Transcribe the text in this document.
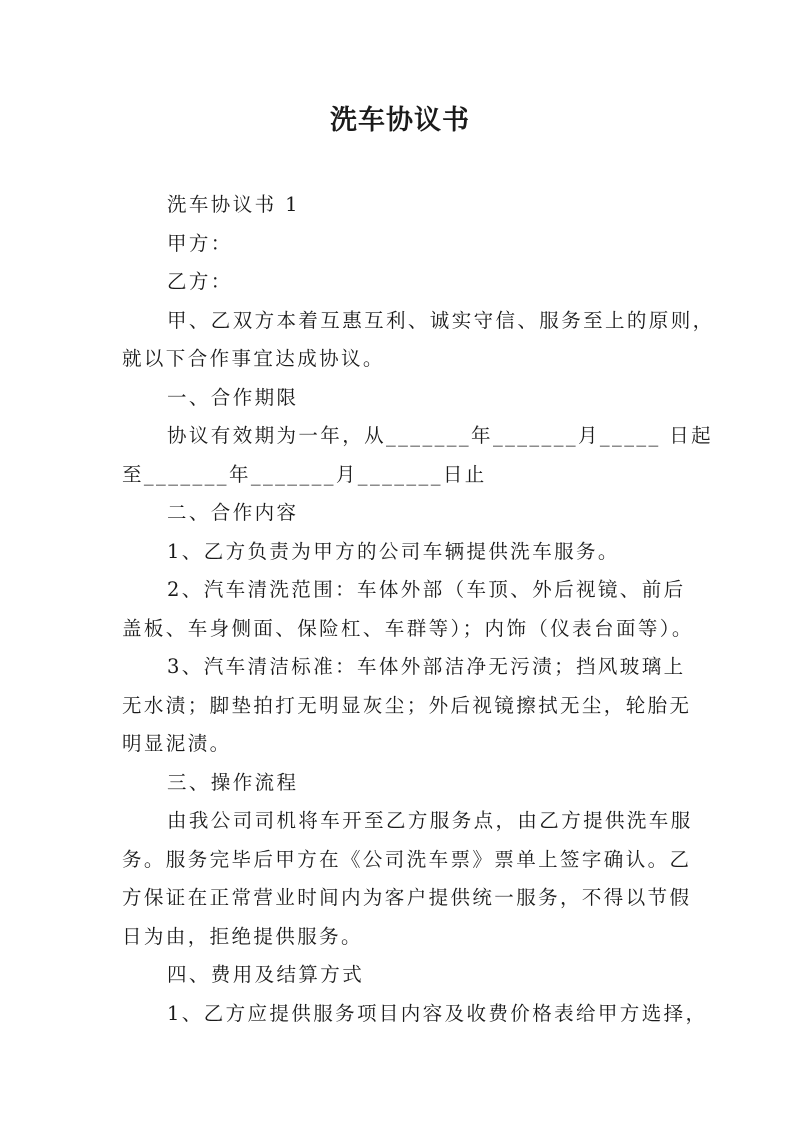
洗车协议书
洗车协议书 1
甲方：
乙方：
甲、乙双方本着互惠互利、诚实守信、服务至上的原则，
就以下合作事宜达成协议。
一、合作期限
协议有效期为一年，从_______年_______月_____ 日起
至_______年_______月_______日止
二、合作内容
1、乙方负责为甲方的公司车辆提供洗车服务。
2、汽车清洗范围：车体外部（车顶、外后视镜、前后
盖板、车身侧面、保险杠、车群等）；内饰（仪表台面等）。
3、汽车清洁标准：车体外部洁净无污渍；挡风玻璃上
无水渍；脚垫拍打无明显灰尘；外后视镜擦拭无尘，轮胎无
明显泥渍。
三、操作流程
由我公司司机将车开至乙方服务点，由乙方提供洗车服
务。服务完毕后甲方在《公司洗车票》票单上签字确认。乙
方保证在正常营业时间内为客户提供统一服务，不得以节假
日为由，拒绝提供服务。
四、费用及结算方式
1、乙方应提供服务项目内容及收费价格表给甲方选择，
